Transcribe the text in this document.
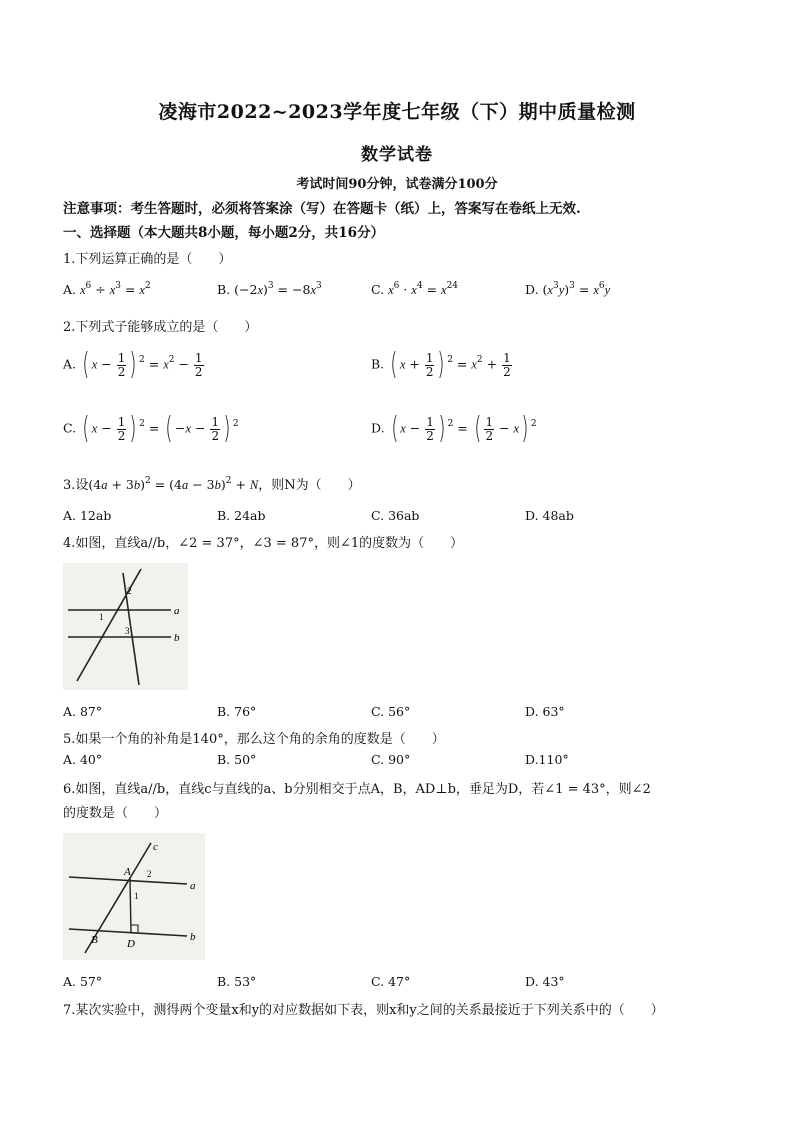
凌海市2022~2023学年度七年级（下）期中质量检测
数学试卷
考试时间90分钟，试卷满分100分
注意事项：考生答题时，必须将答案涂（写）在答题卡（纸）上，答案写在卷纸上无效.
一、选择题（本大题共8小题，每小题2分，共16分）
1.下列运算正确的是（　　）
A. $x^6 \div x^3 = x^2$	B. $(-2x)^3 = -8x^3$	C. $x^6 \cdot x^4 = x^{24}$	D. $(x^3y)^3 = x^6y$
2.下列式子能够成立的是（　　）
A. ( $x - \frac{1}{2}$ ) $^2 = x^2 - \frac{1}{2}$	B. ( $x + \frac{1}{2}$ ) $^2 = x^2 + \frac{1}{2}$
C. ( $x - \frac{1}{2}$ ) $^2$ = ( $-x - \frac{1}{2}$ ) $^2$	D. ( $x - \frac{1}{2}$ ) $^2$ = ( $\frac{1}{2} - x$) $^2$
3.设$(4a + 3b)^2 = (4a - 3b)^2 + N$，则N为（　　）
A. 12ab	B. 24ab	C. 36ab	D. 48ab
4.如图，直线a//b，∠2 = 37°，∠3 = 87°，则∠1的度数为（　　）
a
b
1
2
3
A. 87°	B. 76°	C. 56°	D. 63°
5.如果一个角的补角是140°，那么这个角的余角的度数是（　　）
A. 40°	B. 50°	C. 90°	D.110°
6.如图，直线a//b，直线c与直线的a、b分别相交于点A，B，AD⊥b，垂足为D，若∠1 = 43°，则∠2
的度数是（　　）
c
a
b
A
B	D
1
2
A. 57°	B. 53°	C. 47°	D. 43°
7.某次实验中，测得两个变量x和y的对应数据如下表，则x和y之间的关系最接近于下列关系中的（　　）
